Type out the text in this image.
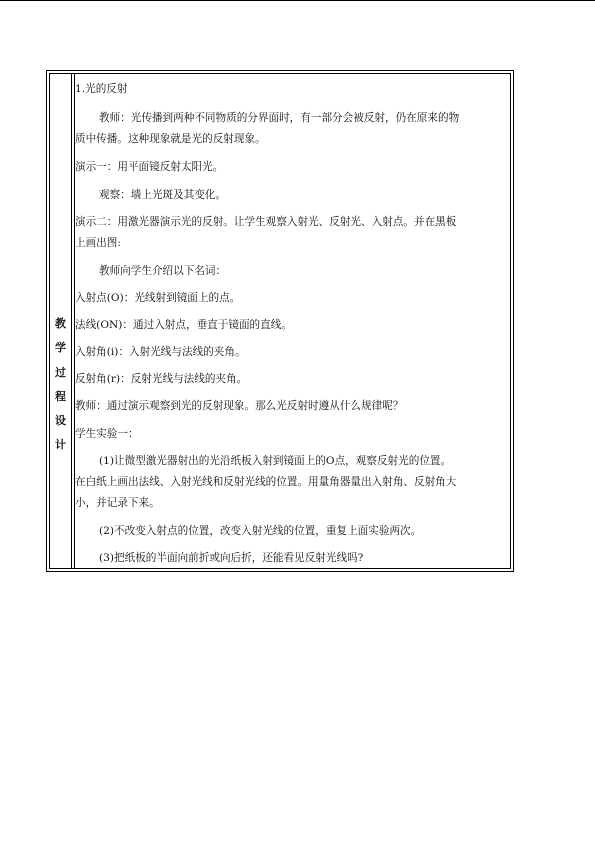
教
学
过
程
设
计
1.光的反射
教师：光传播到两种不同物质的分界面时，有一部分会被反射，仍在原来的物
质中传播。这种现象就是光的反射现象。
演示一：用平面镜反射太阳光。
观察：墙上光斑及其变化。
演示二：用激光器演示光的反射。让学生观察入射光、反射光、入射点。并在黑板
上画出图:
教师向学生介绍以下名词：
入射点(O)：光线射到镜面上的点。
法线(ON)：通过入射点，垂直于镜面的直线。
入射角(i)：入射光线与法线的夹角。
反射角(r)：反射光线与法线的夹角。
教师：通过演示观察到光的反射现象。那么光反射时遵从什么规律呢？
学生实验一：
(1)让微型激光器射出的光沿纸板入射到镜面上的O点，观察反射光的位置。
在白纸上画出法线、入射光线和反射光线的位置。用量角器量出入射角、反射角大
小，并记录下来。
(2)不改变入射点的位置，改变入射光线的位置，重复上面实验两次。
(3)把纸板的半面向前折或向后折，还能看见反射光线吗?
